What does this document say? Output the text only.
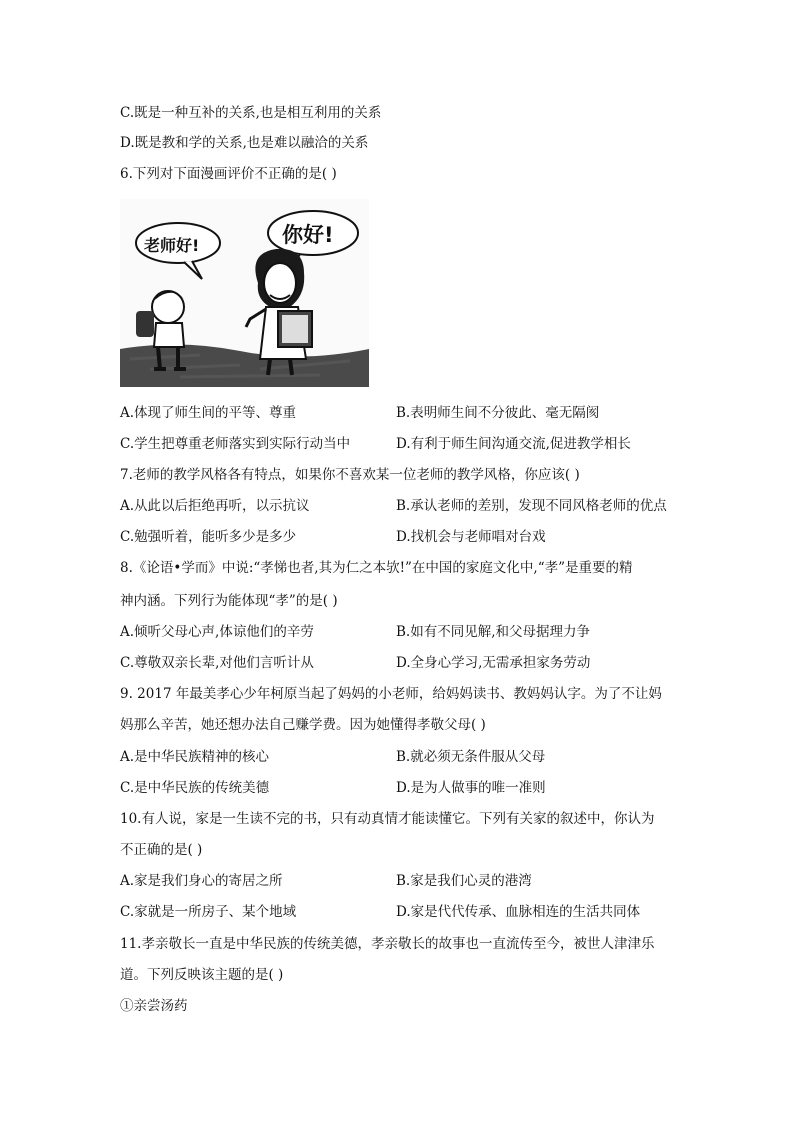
C.既是一种互补的关系,也是相互利用的关系
D.既是教和学的关系,也是难以融洽的关系
6.下列对下面漫画评价不正确的是( )
老师好!	你好!
A.体现了师生间的平等、尊重	B.表明师生间不分彼此、毫无隔阂
C.学生把尊重老师落实到实际行动当中	D.有利于师生间沟通交流,促进教学相长
7.老师的教学风格各有特点，如果你不喜欢某一位老师的教学风格，你应该( )
A.从此以后拒绝再听，以示抗议	B.承认老师的差别，发现不同风格老师的优点
C.勉强听着，能听多少是多少	D.找机会与老师唱对台戏
8.《论语•学而》中说:“孝悌也者,其为仁之本欤!”在中国的家庭文化中,“孝”是重要的精
神内涵。下列行为能体现“孝”的是( )
A.倾听父母心声,体谅他们的辛劳	B.如有不同见解,和父母据理力争
C.尊敬双亲长辈,对他们言听计从	D.全身心学习,无需承担家务劳动
9. 2017 年最美孝心少年柯原当起了妈妈的小老师，给妈妈读书、教妈妈认字。为了不让妈
妈那么辛苦，她还想办法自己赚学费。因为她懂得孝敬父母( )
A.是中华民族精神的核心	B.就必须无条件服从父母
C.是中华民族的传统美德	D.是为人做事的唯一准则
10.有人说，家是一生读不完的书，只有动真情才能读懂它。下列有关家的叙述中，你认为
不正确的是( )
A.家是我们身心的寄居之所	B.家是我们心灵的港湾
C.家就是一所房子、某个地域	D.家是代代传承、血脉相连的生活共同体
11.孝亲敬长一直是中华民族的传统美德，孝亲敬长的故事也一直流传至今，被世人津津乐
道。下列反映该主题的是( )
①亲尝汤药
